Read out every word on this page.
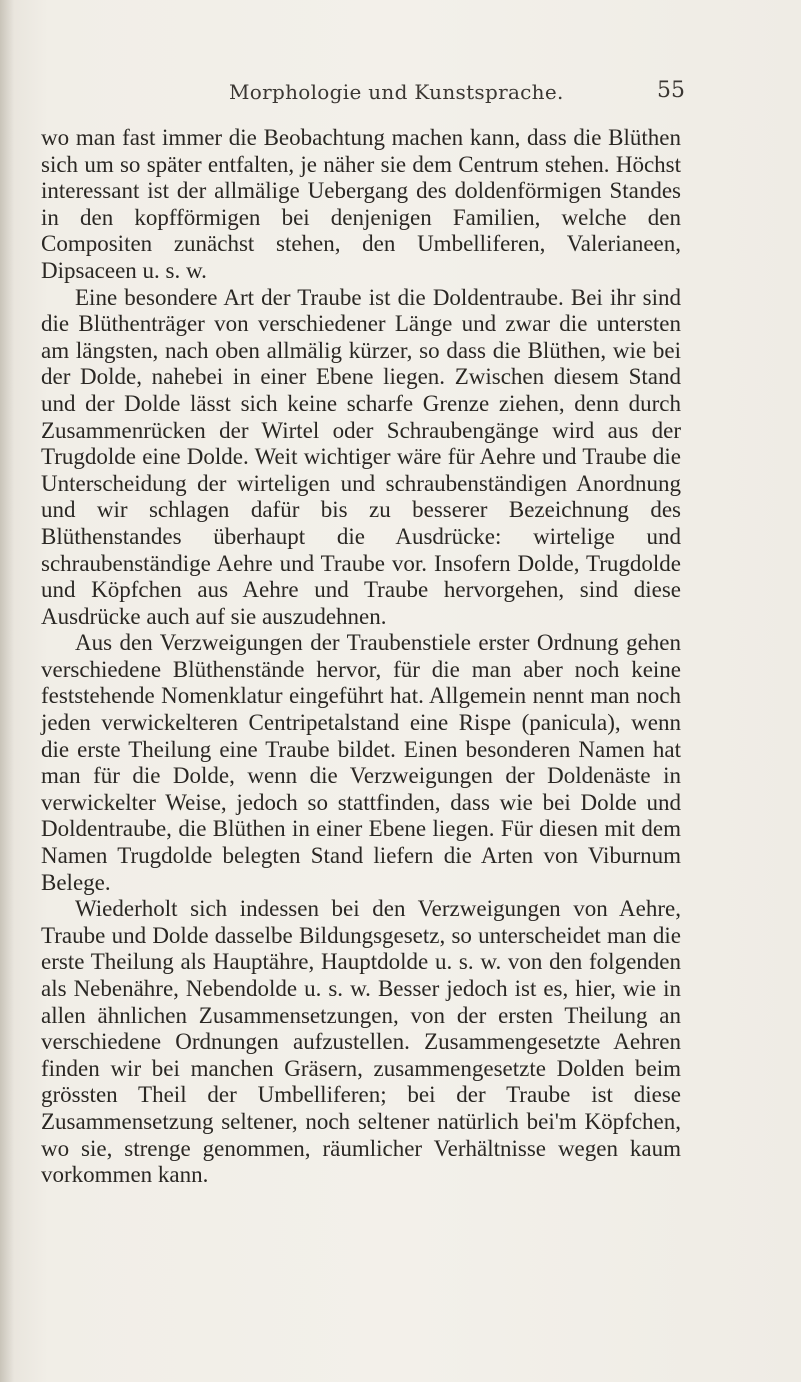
Morphologie und Kunstsprache.	55

wo man fast immer die Beobachtung machen kann, dass die Blüthen sich um so später entfalten, je näher sie dem Centrum stehen. Höchst interessant ist der allmälige Uebergang des doldenförmigen Standes in den kopfförmigen bei denjenigen Familien, welche den Compositen zunächst stehen, den Umbelliferen, Valerianeen, Dipsaceen u. s. w.

Eine besondere Art der Traube ist die Doldentraube. Bei ihr sind die Blüthenträger von verschiedener Länge und zwar die untersten am längsten, nach oben allmälig kürzer, so dass die Blüthen, wie bei der Dolde, nahebei in einer Ebene liegen. Zwischen diesem Stand und der Dolde lässt sich keine scharfe Grenze ziehen, denn durch Zusammenrücken der Wirtel oder Schraubengänge wird aus der Trugdolde eine Dolde. Weit wichtiger wäre für Aehre und Traube die Unterscheidung der wirteligen und schraubenständigen Anordnung und wir schlagen dafür bis zu besserer Bezeichnung des Blüthenstandes überhaupt die Ausdrücke: wirtelige und schraubenständige Aehre und Traube vor. Insofern Dolde, Trugdolde und Köpfchen aus Aehre und Traube hervorgehen, sind diese Ausdrücke auch auf sie auszudehnen.

Aus den Verzweigungen der Traubenstiele erster Ordnung gehen verschiedene Blüthenstände hervor, für die man aber noch keine feststehende Nomenklatur eingeführt hat. Allgemein nennt man noch jeden verwickelteren Centripetalstand eine Rispe (panicula), wenn die erste Theilung eine Traube bildet. Einen besonderen Namen hat man für die Dolde, wenn die Verzweigungen der Doldenäste in verwickelter Weise, jedoch so stattfinden, dass wie bei Dolde und Doldentraube, die Blüthen in einer Ebene liegen. Für diesen mit dem Namen Trugdolde belegten Stand liefern die Arten von Viburnum Belege.

Wiederholt sich indessen bei den Verzweigungen von Aehre, Traube und Dolde dasselbe Bildungsgesetz, so unterscheidet man die erste Theilung als Hauptähre, Hauptdolde u. s. w. von den folgenden als Nebenähre, Nebendolde u. s. w. Besser jedoch ist es, hier, wie in allen ähnlichen Zusammensetzungen, von der ersten Theilung an verschiedene Ordnungen aufzustellen. Zusammengesetzte Aehren finden wir bei manchen Gräsern, zusammengesetzte Dolden beim grössten Theil der Umbelliferen; bei der Traube ist diese Zusammensetzung seltener, noch seltener natürlich bei'm Köpfchen, wo sie, strenge genommen, räumlicher Verhältnisse wegen kaum vorkommen kann.
